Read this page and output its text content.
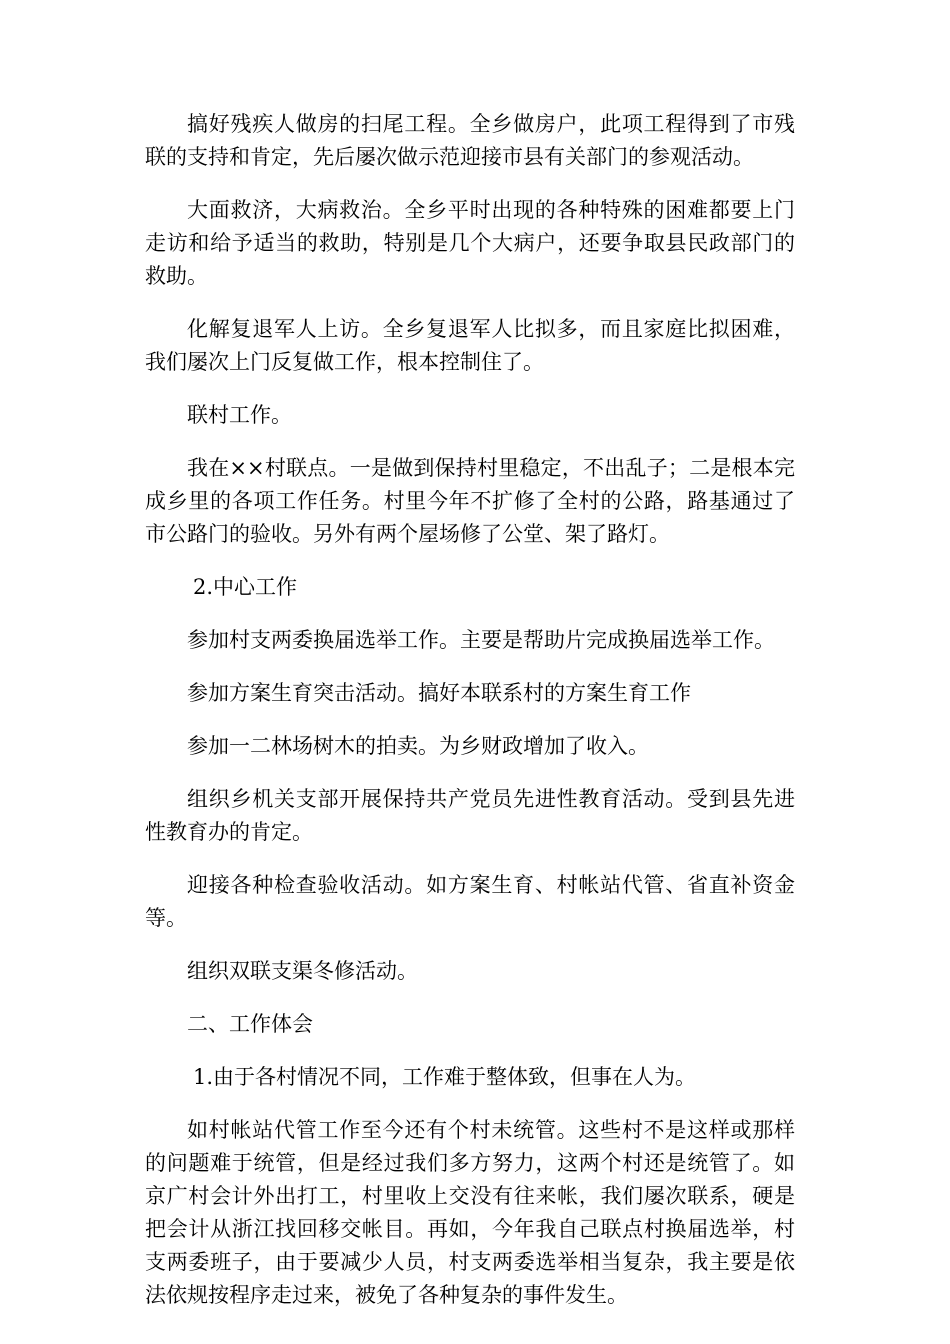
搞好残疾人做房的扫尾工程。全乡做房户，此项工程得到了市残联的支持和肯定，先后屡次做示范迎接市县有关部门的参观活动。

大面救济，大病救治。全乡平时出现的各种特殊的困难都要上门走访和给予适当的救助，特别是几个大病户，还要争取县民政部门的救助。

化解复退军人上访。全乡复退军人比拟多，而且家庭比拟困难，我们屡次上门反复做工作，根本控制住了。

联村工作。

我在××村联点。一是做到保持村里稳定，不出乱子；二是根本完成乡里的各项工作任务。村里今年不扩修了全村的公路，路基通过了市公路门的验收。另外有两个屋场修了公堂、架了路灯。

2.中心工作

参加村支两委换届选举工作。主要是帮助片完成换届选举工作。

参加方案生育突击活动。搞好本联系村的方案生育工作

参加一二林场树木的拍卖。为乡财政增加了收入。

组织乡机关支部开展保持共产党员先进性教育活动。受到县先进性教育办的肯定。

迎接各种检查验收活动。如方案生育、村帐站代管、省直补资金等。

组织双联支渠冬修活动。

二、工作体会

1.由于各村情况不同，工作难于整体致，但事在人为。

如村帐站代管工作至今还有个村未统管。这些村不是这样或那样的问题难于统管，但是经过我们多方努力，这两个村还是统管了。如京广村会计外出打工，村里收上交没有往来帐，我们屡次联系，硬是把会计从浙江找回移交帐目。再如，今年我自己联点村换届选举，村支两委班子，由于要减少人员，村支两委选举相当复杂，我主要是依法依规按程序走过来，被免了各种复杂的事件发生。
